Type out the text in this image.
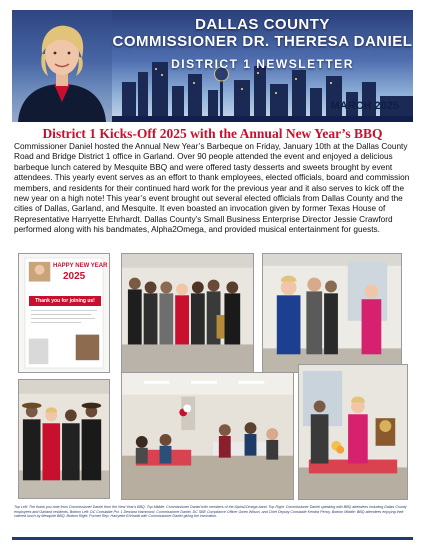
DALLAS COUNTY
COMMISSIONER DR. THERESA DANIEL
DISTRICT 1 NEWSLETTER
MARCH 2025
District 1 Kicks-Off 2025 with the Annual New Year’s BBQ

Commissioner Daniel hosted the Annual New Year’s Barbeque on Friday, January 10th at the Dallas County Road and Bridge District 1 office in Garland. Over 90 people attended the event and enjoyed a delicious barbeque lunch catered by Mesquite BBQ and were offered tasty desserts and sweets brought by event attendees. This yearly event serves as an effort to thank employees, elected officials, board and commission members, and residents for their continued hard work for the previous year and it also serves to kick off the new year on a high note! This year’s event brought out several elected officials from Dallas County and the cities of Dallas, Garland, and Mesquite. It even boasted an invocation given by former Texas House of Representative Harryette Ehrhardt. Dallas County’s Small Business Enterprise Director Jessie Crawford performed along with his bandmates, Alpha2Omega, and provided musical entertainment for guests.

HAPPY NEW YEAR
2025
Thank you for joining us!

Top Left: The thank you note from Commissioner Daniel from the New Year's BBQ. Top Middle: Commissioner Daniel with members of the Alpha2Omega band. Top Right: Commissioner Daniel speaking with BBQ attendees including Dallas County employees and Garland residents. Bottom Left: DC Constable Pct. 1 Dewana Hammond, Commissioner Daniel, DC SBE Compliance Officer Gwen Wilson, and Chief Deputy Constable Kendra Pency. Bottom Middle: BBQ attendees enjoying their catered lunch by Mesquite BBQ. Bottom Right: Former Rep. Harryette Ehrhardt with Commissioner Daniel giving the invocation.
